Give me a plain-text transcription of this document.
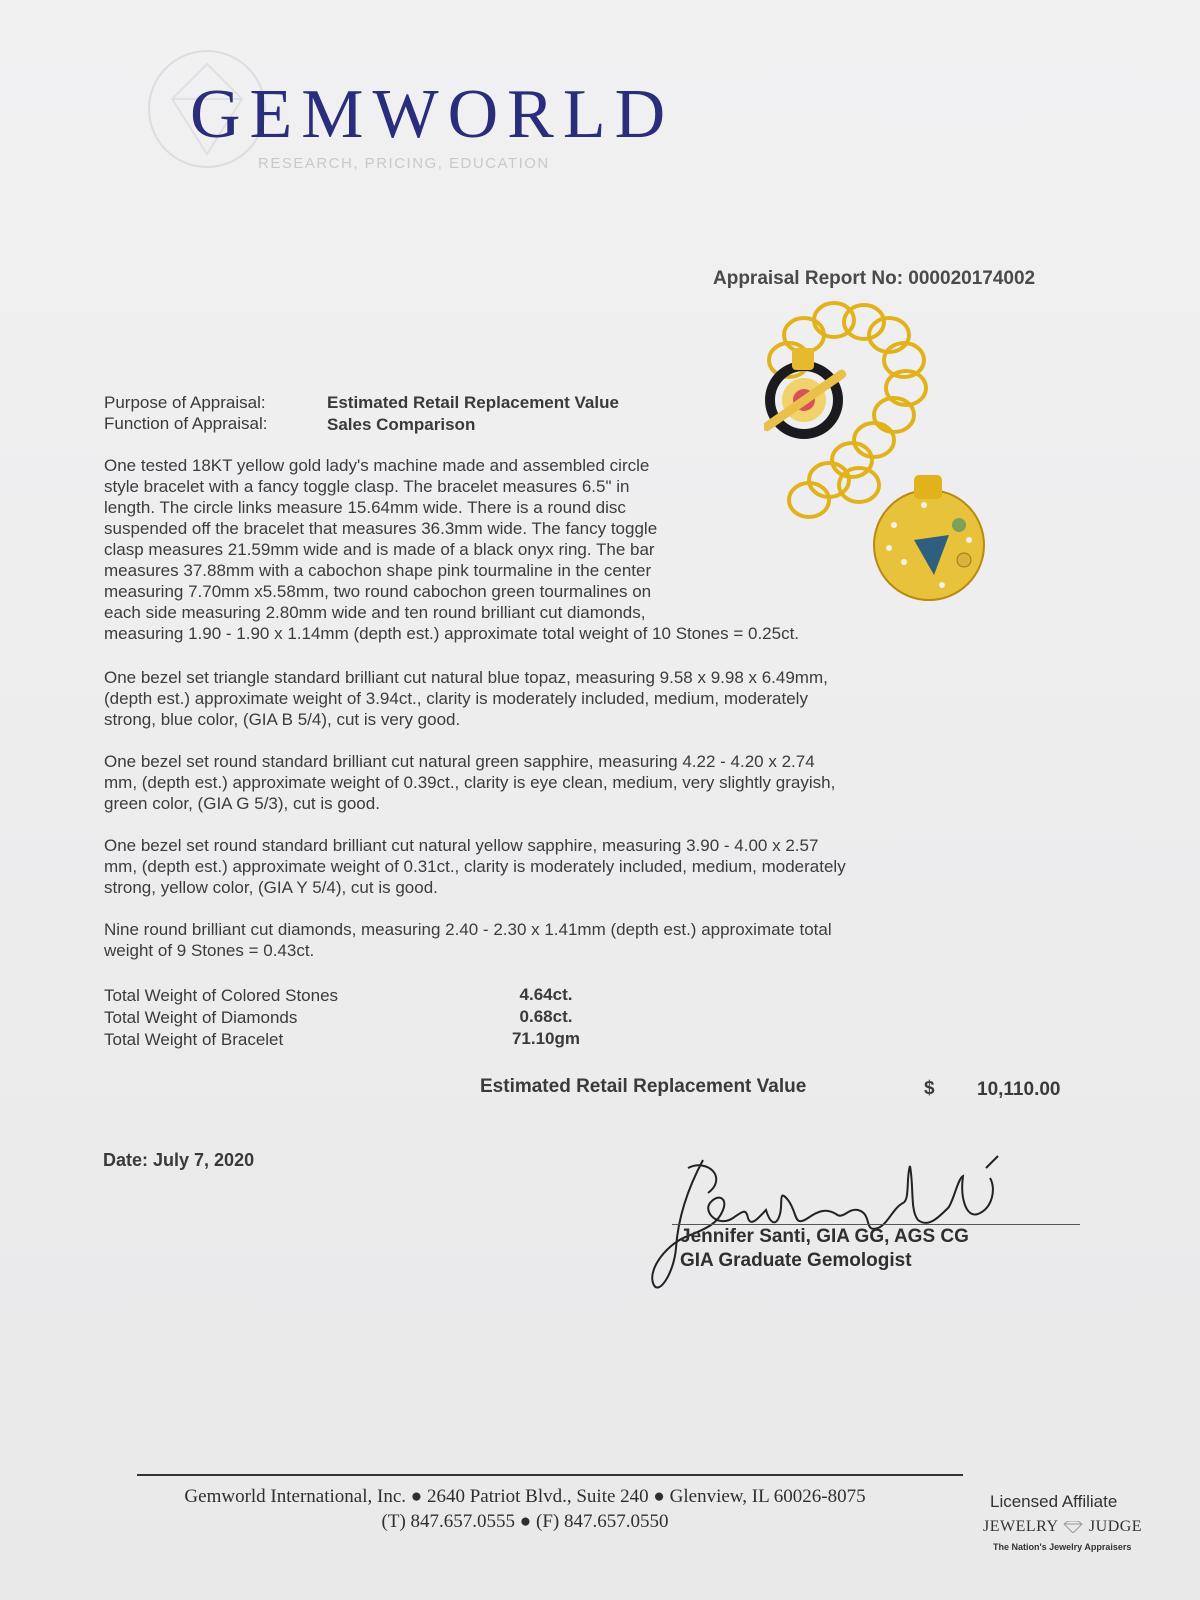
GEMWORLD
RESEARCH, PRICING, EDUCATION
Appraisal Report No: 000020174002
Purpose of Appraisal:	Estimated Retail Replacement Value
Function of Appraisal:	Sales Comparison
One tested 18KT yellow gold lady's machine made and assembled circle
style bracelet with a fancy toggle clasp. The bracelet measures 6.5" in
length. The circle links measure 15.64mm wide. There is a round disc
suspended off the bracelet that measures 36.3mm wide. The fancy toggle
clasp measures 21.59mm wide and is made of a black onyx ring. The bar
measures 37.88mm with a cabochon shape pink tourmaline in the center
measuring 7.70mm x5.58mm, two round cabochon green tourmalines on
each side measuring 2.80mm wide and ten round brilliant cut diamonds,
measuring 1.90 - 1.90 x 1.14mm (depth est.) approximate total weight of 10 Stones = 0.25ct.
One bezel set triangle standard brilliant cut natural blue topaz, measuring 9.58 x 9.98 x 6.49mm,
(depth est.) approximate weight of 3.94ct., clarity is moderately included, medium, moderately
strong, blue color, (GIA B 5/4), cut is very good.
One bezel set round standard brilliant cut natural green sapphire, measuring 4.22 - 4.20 x 2.74
mm, (depth est.) approximate weight of 0.39ct., clarity is eye clean, medium, very slightly grayish,
green color, (GIA G 5/3), cut is good.
One bezel set round standard brilliant cut natural yellow sapphire, measuring 3.90 - 4.00 x 2.57
mm, (depth est.) approximate weight of 0.31ct., clarity is moderately included, medium, moderately
strong, yellow color, (GIA Y 5/4), cut is good.
Nine round brilliant cut diamonds, measuring 2.40 - 2.30 x 1.41mm (depth est.) approximate total
weight of 9 Stones = 0.43ct.
Total Weight of Colored Stones	4.64ct.
Total Weight of Diamonds	0.68ct.
Total Weight of Bracelet	71.10gm
Estimated Retail Replacement Value	$ 10,110.00
Date: July 7, 2020
Jennifer Santi, GIA GG, AGS CG
GIA Graduate Gemologist
Gemworld International, Inc. ● 2640 Patriot Blvd., Suite 240 ● Glenview, IL 60026-8075
(T) 847.657.0555 ● (F) 847.657.0550
Licensed Affiliate
JEWELRY JUDGE
The Nation's Jewelry Appraisers
